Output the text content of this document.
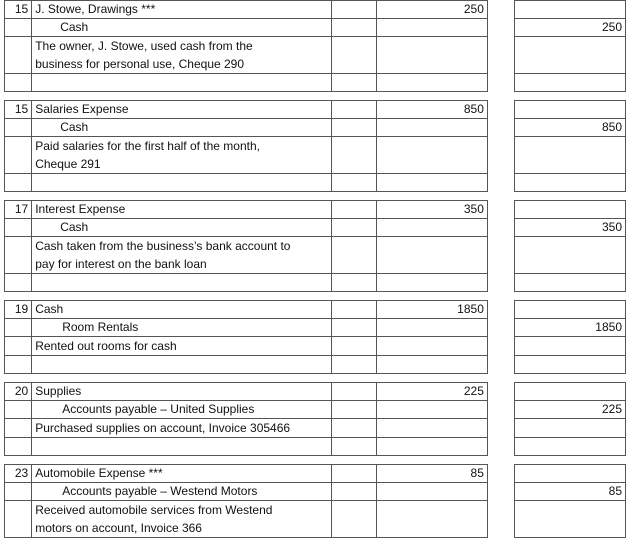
15	J. Stowe, Drawings ***		250		
	Cash				250

	The owner, J. Stowe, used cash from the
business for personal use, Cheque 290				

15	Salaries Expense		850		
	Cash				850

	Paid salaries for the first half of the month,
Cheque 291				

17	Interest Expense		350		
	Cash				350

	Cash taken from the business’s bank account to
pay for interest on the bank loan				

19	Cash		1850		
	Room Rentals				1850

	Rented out rooms for cash				

20	Supplies		225		
	Accounts payable – United Supplies				225

	Purchased supplies on account, Invoice 305466				

23	Automobile Expense ***		85		
	Accounts payable – Westend Motors				85

	Received automobile services from Westend
motors on account, Invoice 366				
